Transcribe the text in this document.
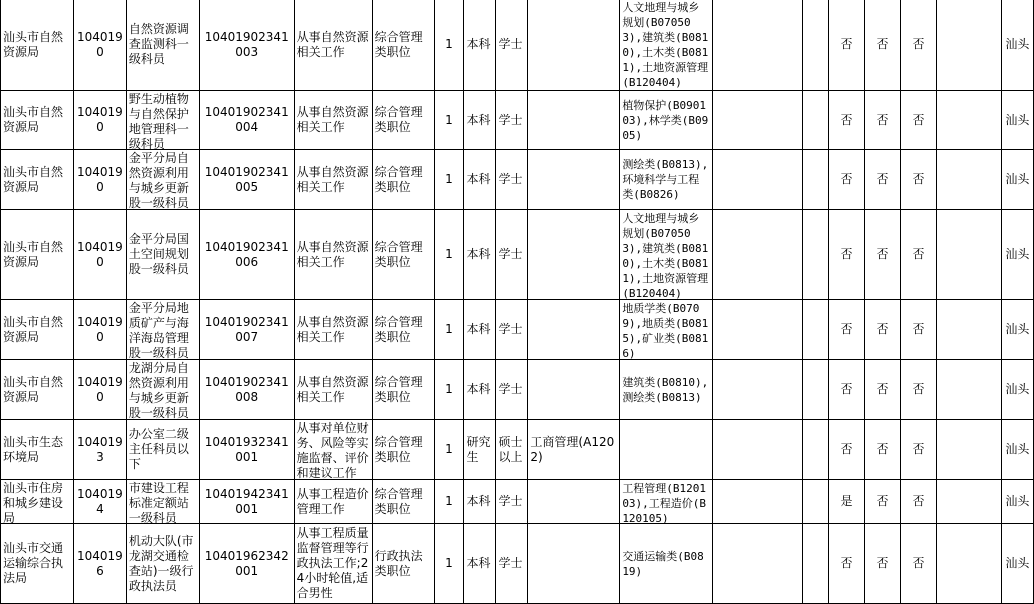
汕头市自然资源局	1040190	自然资源调查监测科一级科员	10401902341003	从事自然资源相关工作	综合管理类职位	1	本科	学士		人文地理与城乡规划(B070503),建筑类(B0810),土木类(B0811),土地资源管理(B120404)			否	否	否		汕头

汕头市自然资源局	1040190	野生动植物与自然保护地管理科一级科员	10401902341004	从事自然资源相关工作	综合管理类职位	1	本科	学士		植物保护(B090103),林学类(B0905)			否	否	否		汕头

汕头市自然资源局	1040190	金平分局自然资源利用与城乡更新股一级科员	10401902341005	从事自然资源相关工作	综合管理类职位	1	本科	学士		测绘类(B0813),环境科学与工程类(B0826)			否	否	否		汕头

汕头市自然资源局	1040190	金平分局国土空间规划股一级科员	10401902341006	从事自然资源相关工作	综合管理类职位	1	本科	学士		人文地理与城乡规划(B070503),建筑类(B0810),土木类(B0811),土地资源管理(B120404)			否	否	否		汕头

汕头市自然资源局	1040190	金平分局地质矿产与海洋海岛管理股一级科员	10401902341007	从事自然资源相关工作	综合管理类职位	1	本科	学士		地质学类(B0709),地质类(B0815),矿业类(B0816)			否	否	否		汕头

汕头市自然资源局	1040190	龙湖分局自然资源利用与城乡更新股一级科员	10401902341008	从事自然资源相关工作	综合管理类职位	1	本科	学士		建筑类(B0810),测绘类(B0813)			否	否	否		汕头

汕头市生态环境局	1040193	办公室二级主任科员以下	10401932341001	从事对单位财务、风险等实施监督、评价和建议工作	综合管理类职位	1	研究生	硕士以上	工商管理(A1202)				否	否	否		汕头

汕头市住房和城乡建设局	1040194	市建设工程标准定额站一级科员	10401942341001	从事工程造价管理工作	综合管理类职位	1	本科	学士		工程管理(B120103),工程造价(B120105)			是	否	否		汕头

汕头市交通运输综合执法局	1040196	机动大队(市龙湖交通检查站)一级行政执法员	10401962342001	从事工程质量监督管理等行政执法工作;24小时轮值,适合男性	行政执法类职位	1	本科	学士		交通运输类(B0819)			否	否	否		汕头
